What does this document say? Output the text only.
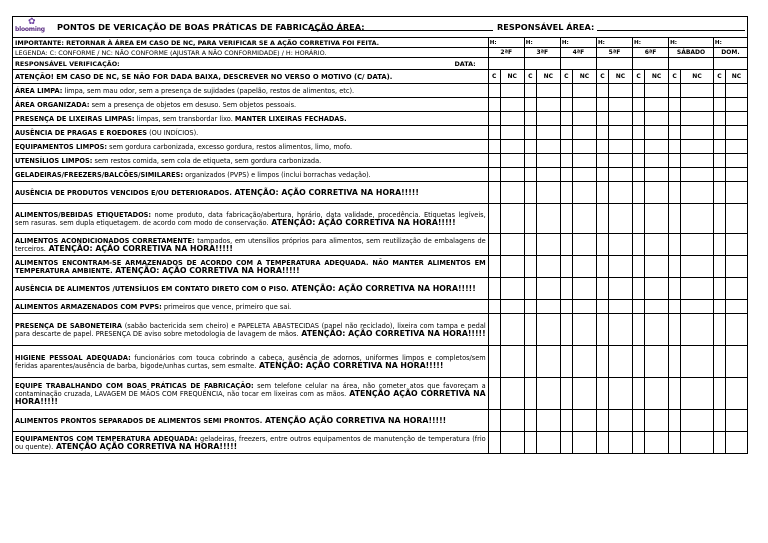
✿
blooming PONTOS DE VERICAÇÃO DE BOAS PRÁTICAS DE FABRICAÇÃO ÁREA:	RESPONSÁVEL ÁREA:
IMPORTANTE: RETORNAR À ÁREA EM CASO DE NC, PARA VERIFICAR SE A AÇÃO CORRETIVA FOI FEITA.	H:		H:		H:		H:		H:		H:		H:	
LEGENDA: C: CONFORME / NC: NÃO CONFORME (AJUSTAR A NÃO CONFORMIDADE) / H: HORÁRIO.	2ªF		3ªF		4ªF		5ªF		6ªF		SÁBADO		DOM.	
RESPONSÁVEL VERIFICAÇÃO: DATA:														

ATENÇÃO! EM CASO DE NC, SE NÃO FOR DADA BAIXA, DESCREVER NO VERSO O MOTIVO (C/ DATA).	C	NC	C	NC	C	NC	C	NC	C	NC	C	NC	C	NC
ÁREA LIMPA: limpa, sem mau odor, sem a presença de sujidades (papelão, restos de alimentos, etc).														
ÁREA ORGANIZADA: sem a presença de objetos em desuso. Sem objetos pessoais.														
PRESENÇA DE LIXEIRAS LIMPAS: limpas, sem transbordar lixo. MANTER LIXEIRAS FECHADAS.														
AUSÊNCIA DE PRAGAS E ROEDORES (OU INDÍCIOS).														
EQUIPAMENTOS LIMPOS: sem gordura carbonizada, excesso gordura, restos alimentos, limo, mofo.														
UTENSÍLIOS LIMPOS: sem restos comida, sem cola de etiqueta, sem gordura carbonizada.														
GELADEIRAS/FREEZERS/BALCÕES/SIMILARES: organizados (PVPS) e limpos (inclui borrachas vedação).														
AUSÊNCIA DE PRODUTOS VENCIDOS E/OU DETERIORADOS. ATENÇÃO: AÇÃO CORRETIVA NA HORA!!!!!														
ALIMENTOS/BEBIDAS ETIQUETADOS: nome produto, data fabricação/abertura, horário, data validade, procedência. Etiquetas legíveis, sem rasuras. sem dupla etiquetagem. de acordo com modo de conservação. ATENÇÃO: AÇÃO CORRETIVA NA HORA!!!!!														
ALIMENTOS ACONDICIONADOS CORRETAMENTE: tampados, em utensílios próprios para alimentos, sem reutilização de embalagens de terceiros. ATENÇÃO: AÇÃO CORRETIVA NA HORA!!!!!														
ALIMENTOS ENCONTRAM-SE ARMAZENADOS DE ACORDO COM A TEMPERATURA ADEQUADA. NÃO MANTER ALIMENTOS EM TEMPERATURA AMBIENTE. ATENÇÃO: AÇÃO CORRETIVA NA HORA!!!!!														
AUSÊNCIA DE ALIMENTOS /UTENSÍLIOS EM CONTATO DIRETO COM O PISO. ATENÇÃO: AÇÃO CORRETIVA NA HORA!!!!!														
ALIMENTOS ARMAZENADOS COM PVPS: primeiros que vence, primeiro que sai.														
PRESENÇA DE SABONETEIRA (sabão bactericida sem cheiro) e PAPELETA ABASTECIDAS (papel não reciclado), lixeira com tampa e pedal para descarte de papel. PRESENÇA DE aviso sobre metodologia de lavagem de mãos. ATENÇÃO: AÇÃO CORRETIVA NA HORA!!!!!														
HIGIENE PESSOAL ADEQUADA: funcionários com touca cobrindo a cabeça, ausência de adornos, uniformes limpos e completos/sem feridas aparentes/ausência de barba, bigode/unhas curtas, sem esmalte. ATENÇÃO: AÇÃO CORRETIVA NA HORA!!!!!														
EQUIPE TRABALHANDO COM BOAS PRÁTICAS DE FABRICAÇÃO: sem telefone celular na área, não cometer atos que favoreçam a contaminação cruzada, LAVAGEM DE MÃOS COM FREQUÊNCIA, não tocar em lixeiras com as mãos. ATENÇÃO AÇÃO CORRETIVA NA HORA!!!!!														
ALIMENTOS PRONTOS SEPARADOS DE ALIMENTOS SEMI PRONTOS. ATENÇÃO AÇÃO CORRETIVA NA HORA!!!!!														
EQUIPAMENTOS COM TEMPERATURA ADEQUADA: geladeiras, freezers, entre outros equipamentos de manutenção de temperatura (frio ou quente). ATENÇÃO AÇÃO CORRETIVA NA HORA!!!!!														
